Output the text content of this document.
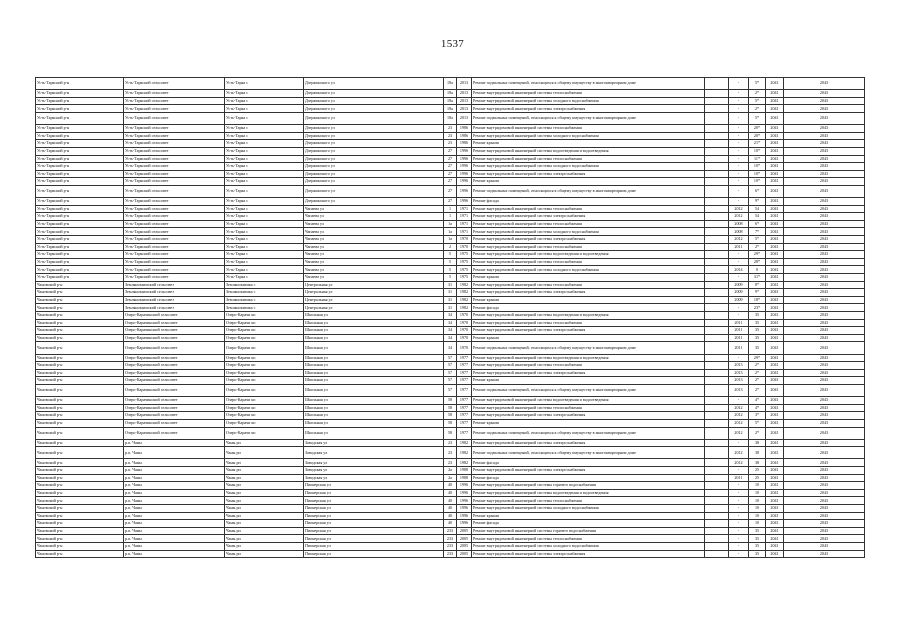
1537
Усть-Таркский р-н	Усть-Таркский сельсовет	Усть-Тарка с	Дзержинского ул	18а	2013	Ремонт подвальных помещений, относящихся к общему имуществу в многоквартирном доме		-	5*	2041	2043
Усть-Таркский р-н	Усть-Таркский сельсовет	Усть-Тарка с	Дзержинского ул	18а	2013	Ремонт внутридомовой инженерной системы теплоснабжения		-	2*	2041	2043
Усть-Таркский р-н	Усть-Таркский сельсовет	Усть-Тарка с	Дзержинского ул	18а	2013	Ремонт внутридомовой инженерной системы холодного водоснабжения		-	5*	2041	2043
Усть-Таркский р-н	Усть-Таркский сельсовет	Усть-Тарка с	Дзержинского ул	18а	2013	Ремонт внутридомовой инженерной системы электроснабжения		-	2*	2041	2043
Усть-Таркский р-н	Усть-Таркский сельсовет	Усть-Тарка с	Дзержинского ул	18а	2013	Ремонт подвальных помещений, относящихся к общему имуществу в многоквартирном доме		-	5*	2041	2043
Усть-Таркский р-н	Усть-Таркский сельсовет	Усть-Тарка с	Дзержинского ул	23	1986	Ремонт внутридомовой инженерной системы теплоснабжения		-	20*	2041	2043
Усть-Таркский р-н	Усть-Таркский сельсовет	Усть-Тарка с	Дзержинского ул	23	1986	Ремонт внутридомовой инженерной системы холодного водоснабжения		-	20*	2041	2043
Усть-Таркский р-н	Усть-Таркский сельсовет	Усть-Тарка с	Дзержинского ул	23	1986	Ремонт крыши		-	21*	2041	2043
Усть-Таркский р-н	Усть-Таркский сельсовет	Усть-Тарка с	Дзержинского ул	27	1996	Ремонт внутридомовой инженерной системы водоотведения и водоотведения		-	10*	2041	2043
Усть-Таркский р-н	Усть-Таркский сельсовет	Усть-Тарка с	Дзержинского ул	27	1996	Ремонт внутридомовой инженерной системы теплоснабжения		-	11*	2041	2043
Усть-Таркский р-н	Усть-Таркский сельсовет	Усть-Тарка с	Дзержинского ул	27	1996	Ремонт внутридомовой инженерной системы холодного водоснабжения		-	10*	2041	2043
Усть-Таркский р-н	Усть-Таркский сельсовет	Усть-Тарка с	Дзержинского ул	27	1996	Ремонт внутридомовой инженерной системы электроснабжения		-	10*	2041	2043
Усть-Таркский р-н	Усть-Таркский сельсовет	Усть-Тарка с	Дзержинского ул	27	1996	Ремонт крыши		-	10*	2041	2043
Усть-Таркский р-н	Усть-Таркский сельсовет	Усть-Тарка с	Дзержинского ул	27	1996	Ремонт подвальных помещений, относящихся к общему имуществу в многоквартирном доме		-	6*	2041	2043
Усть-Таркский р-н	Усть-Таркский сельсовет	Усть-Тарка с	Дзержинского ул	27	1996	Ремонт фасада		-	9*	2041	2043
Усть-Таркский р-н	Усть-Таркский сельсовет	Усть-Тарка с	Чапаева ул	1	1971	Ремонт внутридомовой инженерной системы теплоснабжения		2012	54	2041	2043
Усть-Таркский р-н	Усть-Таркский сельсовет	Усть-Тарка с	Чапаева ул	1	1971	Ремонт внутридомовой инженерной системы электроснабжения		2012	54	2041	2043
Усть-Таркский р-н	Усть-Таркский сельсовет	Усть-Тарка с	Чапаева ул	1а	1971	Ремонт внутридомовой инженерной системы теплоснабжения		2008	6*	2041	2043
Усть-Таркский р-н	Усть-Таркский сельсовет	Усть-Тарка с	Чапаева ул	1а	1971	Ремонт внутридомовой инженерной системы холодного водоснабжения		2008	7*	2041	2043
Усть-Таркский р-н	Усть-Таркский сельсовет	Усть-Тарка с	Чапаева ул	1а	1970	Ремонт внутридомовой инженерной системы электроснабжения		2012	5*	2041	2043
Усть-Таркский р-н	Усть-Таркский сельсовет	Усть-Тарка с	Чапаева ул	2	1970	Ремонт внутридомовой инженерной системы теплоснабжения		2011	2*	2041	2043
Усть-Таркский р-н	Усть-Таркский сельсовет	Усть-Тарка с	Чапаева ул	5	1975	Ремонт внутридомовой инженерной системы водоотведения и водоотведения		-	29*	2041	2043
Усть-Таркский р-н	Усть-Таркский сельсовет	Усть-Тарка с	Чапаева ул	5	1975	Ремонт внутридомовой инженерной системы теплоснабжения		-	28*	2041	2043
Усть-Таркский р-н	Усть-Таркский сельсовет	Усть-Тарка с	Чапаева ул	5	1975	Ремонт внутридомовой инженерной системы холодного водоснабжения		2014	0	2041	2043
Усть-Таркский р-н	Усть-Таркский сельсовет	Усть-Тарка с	Чапаева ул	5	1975	Ремонт крыши		-	31*	2041	2043
Чановский р-н	Землянозаимский сельсовет	Землянозаимка с	Центральная ул	31	1982	Ремонт внутридомовой инженерной системы теплоснабжения		2009	8*	2041	2043
Чановский р-н	Землянозаимский сельсовет	Землянозаимка с	Центральная ул	31	1982	Ремонт внутридомовой инженерной системы электроснабжения		2009	9*	2041	2043
Чановский р-н	Землянозаимский сельсовет	Землянозаимка с	Центральная ул	31	1982	Ремонт крыши		2009	18*	2041	2043
Чановский р-н	Землянозаимский сельсовет	Землянозаимка с	Центральная ул	31	1982	Ремонт фасада		-	23*	2041	2043
Чановский р-н	Озеро-Карачинский сельсовет	Озеро-Карачи кп	Школьная ул	34	1970	Ремонт внутридомовой инженерной системы водоотведения и водоотведения		-	35	2041	2043
Чановский р-н	Озеро-Карачинский сельсовет	Озеро-Карачи кп	Школьная ул	34	1970	Ремонт внутридомовой инженерной системы теплоснабжения		2011	35	2041	2043
Чановский р-н	Озеро-Карачинский сельсовет	Озеро-Карачи кп	Школьная ул	34	1970	Ремонт внутридомовой инженерной системы электроснабжения		2011	35	2041	2043
Чановский р-н	Озеро-Карачинский сельсовет	Озеро-Карачи кп	Школьная ул	34	1970	Ремонт крыши		2011	35	2041	2043
Чановский р-н	Озеро-Карачинский сельсовет	Озеро-Карачи кп	Школьная ул	34	1970	Ремонт подвальных помещений, относящихся к общему имуществу в многоквартирном доме		2011	35	2041	2043
Чановский р-н	Озеро-Карачинский сельсовет	Озеро-Карачи кп	Школьная ул	57	1977	Ремонт внутридомовой инженерной системы водоотведения и водоотведения		-	29*	2041	2043
Чановский р-н	Озеро-Карачинский сельсовет	Озеро-Карачи кп	Школьная ул	57	1977	Ремонт внутридомовой инженерной системы теплоснабжения		2013	2*	2041	2043
Чановский р-н	Озеро-Карачинский сельсовет	Озеро-Карачи кп	Школьная ул	57	1977	Ремонт внутридомовой инженерной системы электроснабжения		2013	2*	2041	2043
Чановский р-н	Озеро-Карачинский сельсовет	Озеро-Карачи кп	Школьная ул	57	1977	Ремонт крыши		2013	2*	2041	2043
Чановский р-н	Озеро-Карачинский сельсовет	Озеро-Карачи кп	Школьная ул	57	1977	Ремонт подвальных помещений, относящихся к общему имуществу в многоквартирном доме		2013	2*	2041	2043
Чановский р-н	Озеро-Карачинский сельсовет	Озеро-Карачи кп	Школьная ул	58	1977	Ремонт внутридомовой инженерной системы водоотведения и водоотведения		-	4*	2041	2043
Чановский р-н	Озеро-Карачинский сельсовет	Озеро-Карачи кп	Школьная ул	58	1977	Ремонт внутридомовой инженерной системы теплоснабжения		2012	4*	2041	2043
Чановский р-н	Озеро-Карачинский сельсовет	Озеро-Карачи кп	Школьная ул	58	1977	Ремонт внутридомовой инженерной системы электроснабжения		2012	3*	2041	2043
Чановский р-н	Озеро-Карачинский сельсовет	Озеро-Карачи кп	Школьная ул	58	1977	Ремонт крыши		2012	5*	2041	2043
Чановский р-н	Озеро-Карачинский сельсовет	Озеро-Карачи кп	Школьная ул	58	1977	Ремонт подвальных помещений, относящихся к общему имуществу в многоквартирном доме		2012	2*	2041	2043
Чановский р-н	р.п. Чаны	Чаны рп	Заводская ул	23	1982	Ремонт внутридомовой инженерной системы электроснабжения		-	38	2041	2043
Чановский р-н	р.п. Чаны	Чаны рп	Заводская ул	23	1982	Ремонт подвальных помещений, относящихся к общему имуществу в многоквартирном доме		2012	38	2041	2043
Чановский р-н	р.п. Чаны	Чаны рп	Заводская ул	23	1982	Ремонт фасада		2012	38	2041	2043
Чановский р-н	р.п. Чаны	Чаны рп	Заводская ул	2а	1988	Ремонт внутридомовой инженерной системы электроснабжения		-	25	2041	2043
Чановский р-н	р.п. Чаны	Чаны рп	Заводская ул	2а	1988	Ремонт фасада		2011	25	2041	2043
Чановский р-н	р.п. Чаны	Чаны рп	Пионерская ул	40	1996	Ремонт внутридомовой инженерной системы горячего водоснабжения		-	10	2041	2043
Чановский р-н	р.п. Чаны	Чаны рп	Пионерская ул	40	1996	Ремонт внутридомовой инженерной системы водоотведения и водоотведения		-	10	2041	2043
Чановский р-н	р.п. Чаны	Чаны рп	Пионерская ул	40	1996	Ремонт внутридомовой инженерной системы теплоснабжения		-	10	2041	2043
Чановский р-н	р.п. Чаны	Чаны рп	Пионерская ул	40	1996	Ремонт внутридомовой инженерной системы холодного водоснабжения		-	10	2041	2043
Чановский р-н	р.п. Чаны	Чаны рп	Пионерская ул	40	1996	Ремонт крыши		-	10	2041	2043
Чановский р-н	р.п. Чаны	Чаны рп	Пионерская ул	40	1996	Ремонт фасада		-	10	2041	2043
Чановский р-н	р.п. Чаны	Чаны рп	Пионерская ул	233	2005	Ремонт внутридомовой инженерной системы горячего водоснабжения		-	35	2041	2043
Чановский р-н	р.п. Чаны	Чаны рп	Пионерская ул	233	2005	Ремонт внутридомовой инженерной системы теплоснабжения		-	35	2041	2043
Чановский р-н	р.п. Чаны	Чаны рп	Пионерская ул	233	2005	Ремонт внутридомовой инженерной системы холодного водоснабжения		-	35	2041	2043
Чановский р-н	р.п. Чаны	Чаны рп	Пионерская ул	233	2005	Ремонт внутридомовой инженерной системы электроснабжения		-	35	2041	2043
